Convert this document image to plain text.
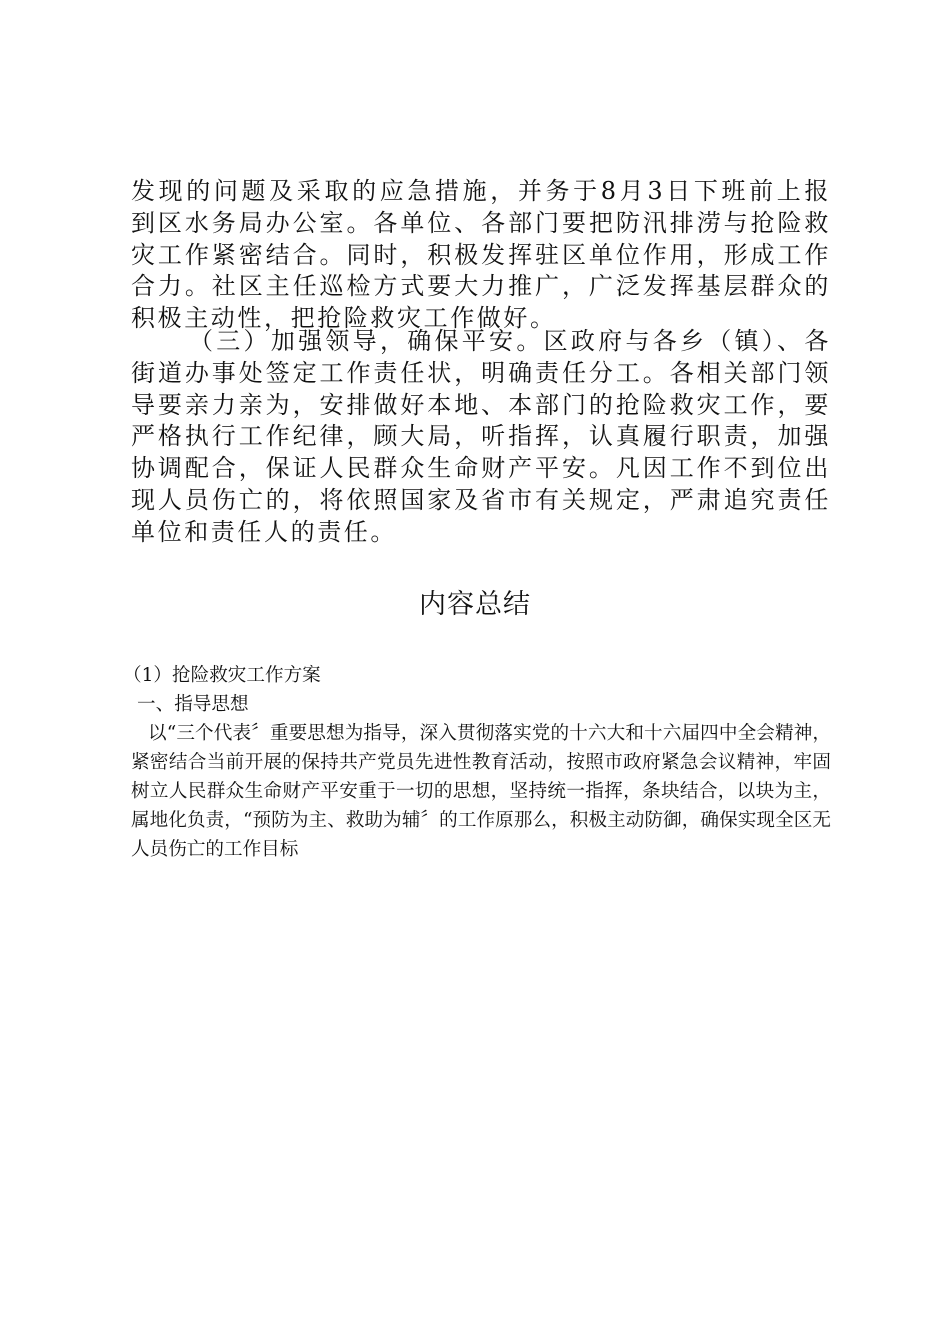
发现的问题及采取的应急措施，并务于8月3日下班前上报到区水务局办公室。各单位、各部门要把防汛排涝与抢险救灾工作紧密结合。同时，积极发挥驻区单位作用，形成工作合力。社区主任巡检方式要大力推广，广泛发挥基层群众的积极主动性，把抢险救灾工作做好。

（三）加强领导，确保平安。区政府与各乡（镇）、各街道办事处签定工作责任状，明确责任分工。各相关部门领导要亲力亲为，安排做好本地、本部门的抢险救灾工作，要严格执行工作纪律，顾大局，听指挥，认真履行职责，加强协调配合，保证人民群众生命财产平安。凡因工作不到位出现人员伤亡的，将依照国家及省市有关规定，严肃追究责任单位和责任人的责任。

内容总结

（1）抢险救灾工作方案

一、指导思想

以“三个代表〞重要思想为指导，深入贯彻落实党的十六大和十六届四中全会精神，紧密结合当前开展的保持共产党员先进性教育活动，按照市政府紧急会议精神，牢固树立人民群众生命财产平安重于一切的思想，坚持统一指挥，条块结合，以块为主，属地化负责，“预防为主、救助为辅〞的工作原那么，积极主动防御，确保实现全区无人员伤亡的工作目标
